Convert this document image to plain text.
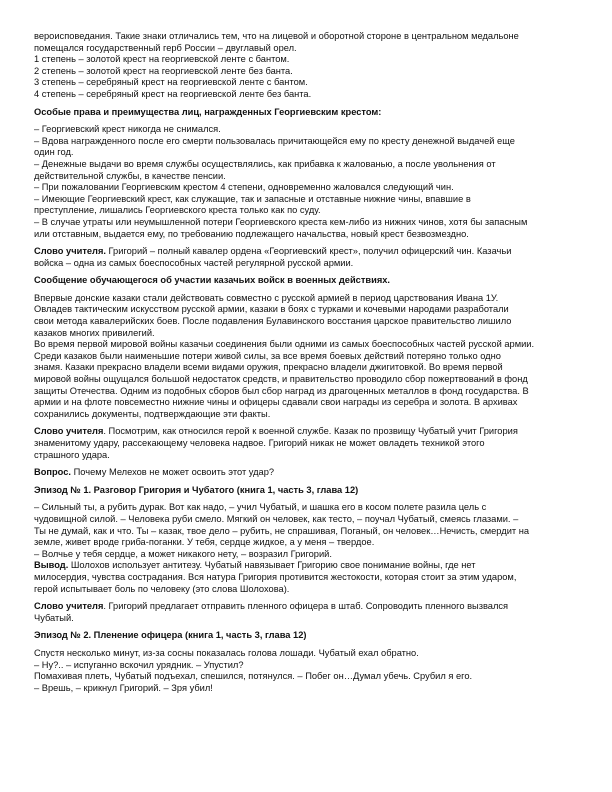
вероисповедания. Такие знаки отличались тем, что на лицевой и оборотной стороне в центральном медальоне
помещался государственный герб России – двуглавый орел.
1 степень – золотой крест на георгиевской ленте с бантом.
2 степень – золотой крест на георгиевской ленте без банта.
3 степень – серебряный крест на георгиевской ленте с бантом.
4 степень – серебряный крест на георгиевской ленте без банта.
Особые права и преимущества лиц, награжденных Георгиевским крестом:
– Георгиевский крест никогда не снимался.
– Вдова награжденного после его смерти пользовалась причитающейся ему по кресту денежной выдачей еще
один год.
– Денежные выдачи во время службы осуществлялись, как прибавка к жалованью, а после увольнения от
действительной службы, в качестве пенсии.
– При пожаловании Георгиевским крестом 4 степени, одновременно жаловался следующий чин.
– Имеющие Георгиевский крест, как служащие, так и запасные и отставные нижние чины, впавшие в
преступление, лишались Георгиевского креста только как по суду.
– В случае утраты или неумышленной потери Георгиевского креста кем-либо из нижних чинов, хотя бы запасным
или отставным, выдается ему, по требованию подлежащего начальства, новый крест безвозмездно.
Слово учителя. Григорий – полный кавалер ордена «Георгиевский крест», получил офицерский чин. Казачьи
войска – одна из самых боеспособных частей регулярной русской армии.
Сообщение обучающегося об участии казачьих войск в военных действиях.
Впервые донские казаки стали действовать совместно с русской армией в период царствования Ивана 1У.
Овладев тактическим искусством русской армии, казаки в боях с турками и кочевыми народами разработали
свои метода кавалерийских боев. После подавления Булавинского восстания царское правительство лишило
казаков многих привилегий.
Во время первой мировой войны казачьи соединения были одними из самых боеспособных частей русской армии.
Среди казаков были наименьшие потери живой силы, за все время боевых действий потеряно только одно
знамя. Казаки прекрасно владели всеми видами оружия, прекрасно владели джигитовкой. Во время первой
мировой войны ощущался большой недостаток средств, и правительство проводило сбор пожертвований в фонд
защиты Отечества. Одним из подобных сборов был сбор наград из драгоценных металлов в фонд государства. В
армии и на флоте повсеместно нижние чины и офицеры сдавали свои награды из серебра и золота. В архивах
сохранились документы, подтверждающие эти факты.
Слово учителя. Посмотрим, как относился герой к военной службе. Казак по прозвищу Чубатый учит Григория
знаменитому удару, рассекающему человека надвое. Григорий никак не может овладеть техникой этого
страшного удара.
Вопрос. Почему Мелехов не может освоить этот удар?
Эпизод № 1. Разговор Григория и Чубатого (книга 1, часть 3, глава 12)
– Сильный ты, а рубить дурак. Вот как надо, – учил Чубатый, и шашка его в косом полете разила цель с
чудовищной силой. – Человека руби смело. Мягкий он человек, как тесто, – поучал Чубатый, смеясь глазами. –
Ты не думай, как и что. Ты – казак, твое дело – рубить, не спрашивая, Поганый, он человек…Нечисть, смердит на
земле, живет вроде гриба-поганки. У тебя, сердце жидкое, а у меня – твердое.
– Волчье у тебя сердце, а может никакого нету, – возразил Григорий.
Вывод. Шолохов использует антитезу. Чубатый навязывает Григорию свое понимание войны, где нет
милосердия, чувства сострадания. Вся натура Григория противится жестокости, которая стоит за этим ударом,
герой испытывает боль по человеку (это слова Шолохова).
Слово учителя. Григорий предлагает отправить пленного офицера в штаб. Сопроводить пленного вызвался
Чубатый.
Эпизод № 2. Пленение офицера (книга 1, часть 3, глава 12)
Спустя несколько минут, из-за сосны показалась голова лошади. Чубатый ехал обратно.
– Ну?.. – испуганно вскочил урядник. – Упустил?
Помахивая плеть, Чубатый подъехал, спешился, потянулся. – Побег он…Думал убечь. Срубил я его.
– Врешь, – крикнул Григорий. – Зря убил!
